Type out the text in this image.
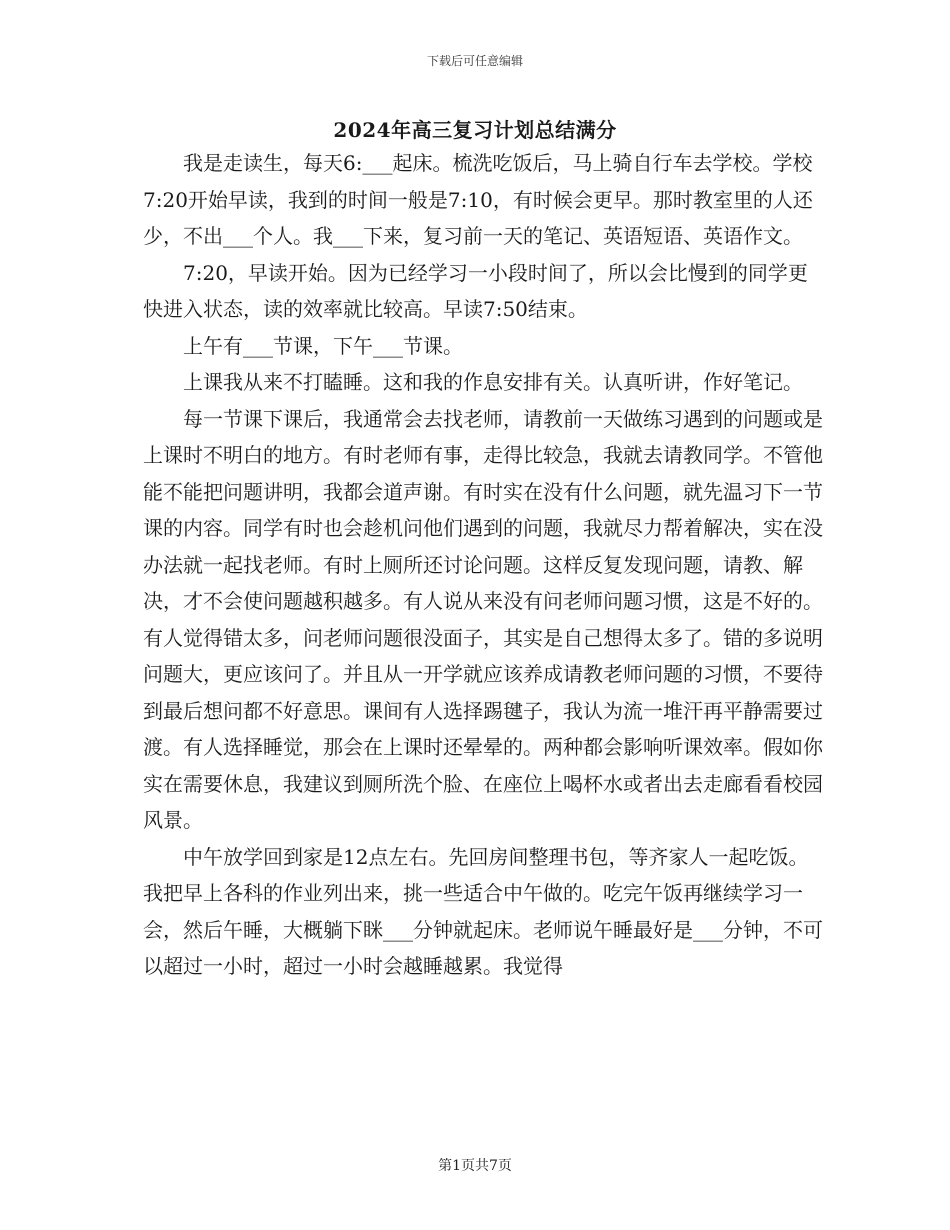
下载后可任意编辑
2024年高三复习计划总结满分

我是走读生，每天6:___起床。梳洗吃饭后，马上骑自行车去学校。学校7:20开始早读，我到的时间一般是7:10，有时候会更早。那时教室里的人还少，不出___个人。我___下来，复习前一天的笔记、英语短语、英语作文。

7:20，早读开始。因为已经学习一小段时间了，所以会比慢到的同学更快进入状态，读的效率就比较高。早读7:50结束。

上午有___节课，下午___节课。

上课我从来不打瞌睡。这和我的作息安排有关。认真听讲，作好笔记。

每一节课下课后，我通常会去找老师，请教前一天做练习遇到的问题或是上课时不明白的地方。有时老师有事，走得比较急，我就去请教同学。不管他能不能把问题讲明，我都会道声谢。有时实在没有什么问题，就先温习下一节课的内容。同学有时也会趁机问他们遇到的问题，我就尽力帮着解决，实在没办法就一起找老师。有时上厕所还讨论问题。这样反复发现问题，请教、解决，才不会使问题越积越多。有人说从来没有问老师问题习惯，这是不好的。有人觉得错太多，问老师问题很没面子，其实是自己想得太多了。错的多说明问题大，更应该问了。并且从一开学就应该养成请教老师问题的习惯，不要待到最后想问都不好意思。课间有人选择踢毽子，我认为流一堆汗再平静需要过渡。有人选择睡觉，那会在上课时还晕晕的。两种都会影响听课效率。假如你实在需要休息，我建议到厕所洗个脸、在座位上喝杯水或者出去走廊看看校园风景。

中午放学回到家是12点左右。先回房间整理书包，等齐家人一起吃饭。我把早上各科的作业列出来，挑一些适合中午做的。吃完午饭再继续学习一会，然后午睡，大概躺下眯___分钟就起床。老师说午睡最好是___分钟，不可以超过一小时，超过一小时会越睡越累。我觉得

第1页共7页
